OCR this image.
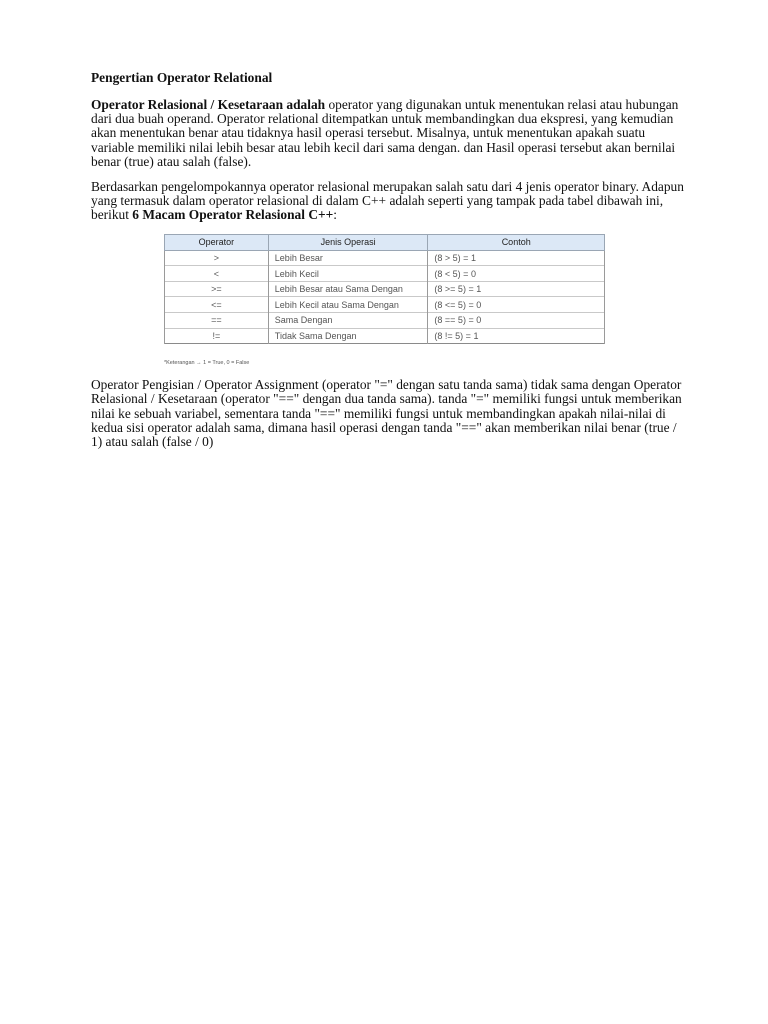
Pengertian Operator Relational

Operator Relasional / Kesetaraan adalah operator yang digunakan untuk menentukan relasi atau hubungan dari dua buah operand. Operator relational ditempatkan untuk membandingkan dua ekspresi, yang kemudian akan menentukan benar atau tidaknya hasil operasi tersebut. Misalnya, untuk menentukan apakah suatu variable memiliki nilai lebih besar atau lebih kecil dari sama dengan. dan Hasil operasi tersebut akan bernilai benar (true) atau salah (false).

Berdasarkan pengelompokannya operator relasional merupakan salah satu dari 4 jenis operator binary. Adapun yang termasuk dalam operator relasional di dalam C++ adalah seperti yang tampak pada tabel dibawah ini, berikut 6 Macam Operator Relasional C++:

Operator	Jenis Operasi	Contoh
>	Lebih Besar	(8 > 5) = 1
<	Lebih Kecil	(8 < 5) = 0
>=	Lebih Besar atau Sama Dengan	(8 >= 5) = 1
<=	Lebih Kecil atau Sama Dengan	(8 <= 5) = 0
==	Sama Dengan	(8 == 5) = 0
!=	Tidak Sama Dengan	(8 != 5) = 1
*Keterangan → 1 = True, 0 = False

Operator Pengisian / Operator Assignment (operator "=" dengan satu tanda sama) tidak sama dengan Operator Relasional / Kesetaraan (operator "==" dengan dua tanda sama). tanda "=" memiliki fungsi untuk memberikan nilai ke sebuah variabel, sementara tanda "==" memiliki fungsi untuk membandingkan apakah nilai-nilai di kedua sisi operator adalah sama, dimana hasil operasi dengan tanda "==" akan memberikan nilai benar (true / 1) atau salah (false / 0)
